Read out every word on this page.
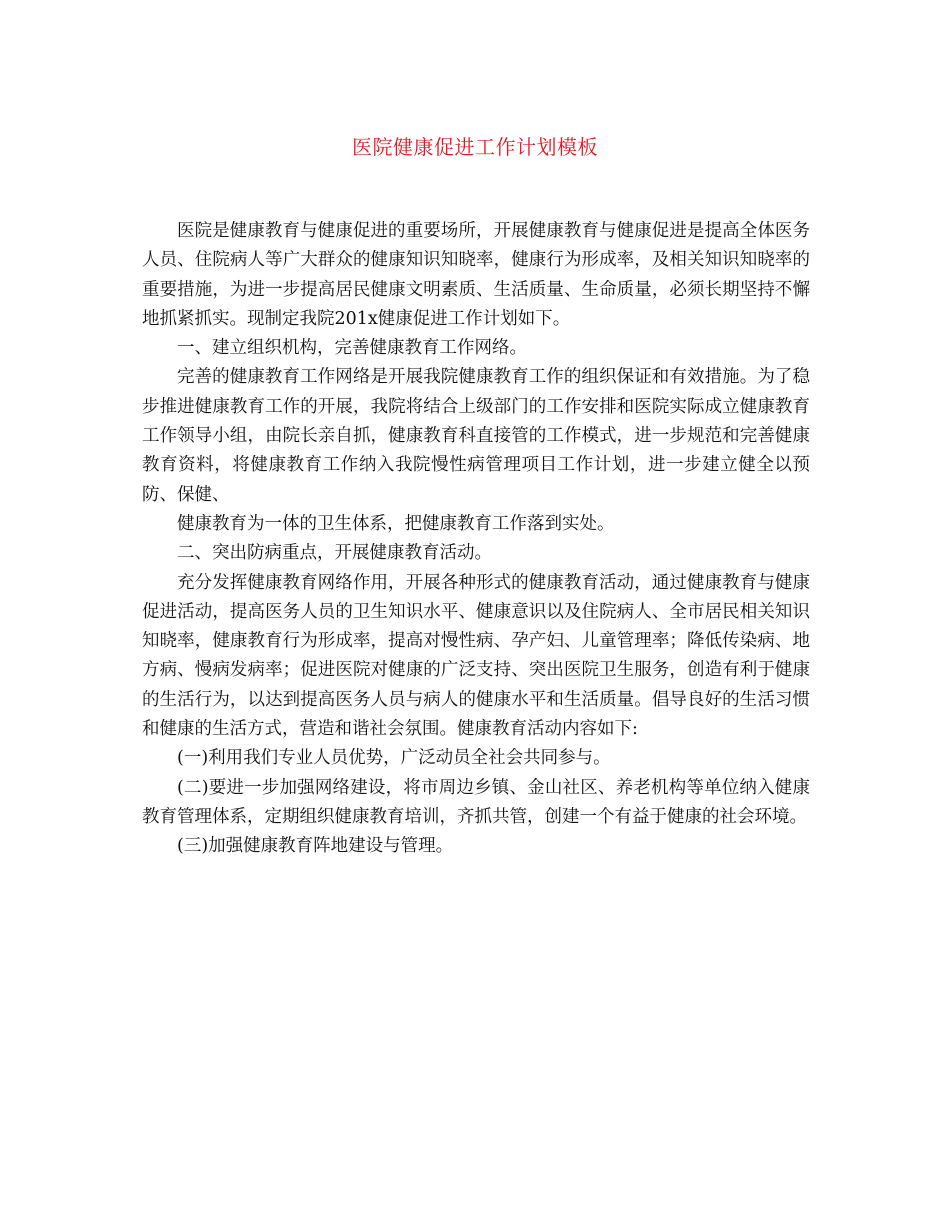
医院健康促进工作计划模板

医院是健康教育与健康促进的重要场所，开展健康教育与健康促进是提高全体医务人员、住院病人等广大群众的健康知识知晓率，健康行为形成率，及相关知识知晓率的重要措施，为进一步提高居民健康文明素质、生活质量、生命质量，必须长期坚持不懈地抓紧抓实。现制定我院201x健康促进工作计划如下。

一、建立组织机构，完善健康教育工作网络。

完善的健康教育工作网络是开展我院健康教育工作的组织保证和有效措施。为了稳步推进健康教育工作的开展，我院将结合上级部门的工作安排和医院实际成立健康教育工作领导小组，由院长亲自抓，健康教育科直接管的工作模式，进一步规范和完善健康教育资料，将健康教育工作纳入我院慢性病管理项目工作计划，进一步建立健全以预防、保健、

健康教育为一体的卫生体系，把健康教育工作落到实处。

二、突出防病重点，开展健康教育活动。

充分发挥健康教育网络作用，开展各种形式的健康教育活动，通过健康教育与健康促进活动，提高医务人员的卫生知识水平、健康意识以及住院病人、全市居民相关知识知晓率，健康教育行为形成率，提高对慢性病、孕产妇、儿童管理率；降低传染病、地方病、慢病发病率；促进医院对健康的广泛支持、突出医院卫生服务，创造有利于健康的生活行为，以达到提高医务人员与病人的健康水平和生活质量。倡导良好的生活习惯和健康的生活方式，营造和谐社会氛围。健康教育活动内容如下:

(一)利用我们专业人员优势，广泛动员全社会共同参与。

(二)要进一步加强网络建设，将市周边乡镇、金山社区、养老机构等单位纳入健康教育管理体系，定期组织健康教育培训，齐抓共管，创建一个有益于健康的社会环境。

(三)加强健康教育阵地建设与管理。
